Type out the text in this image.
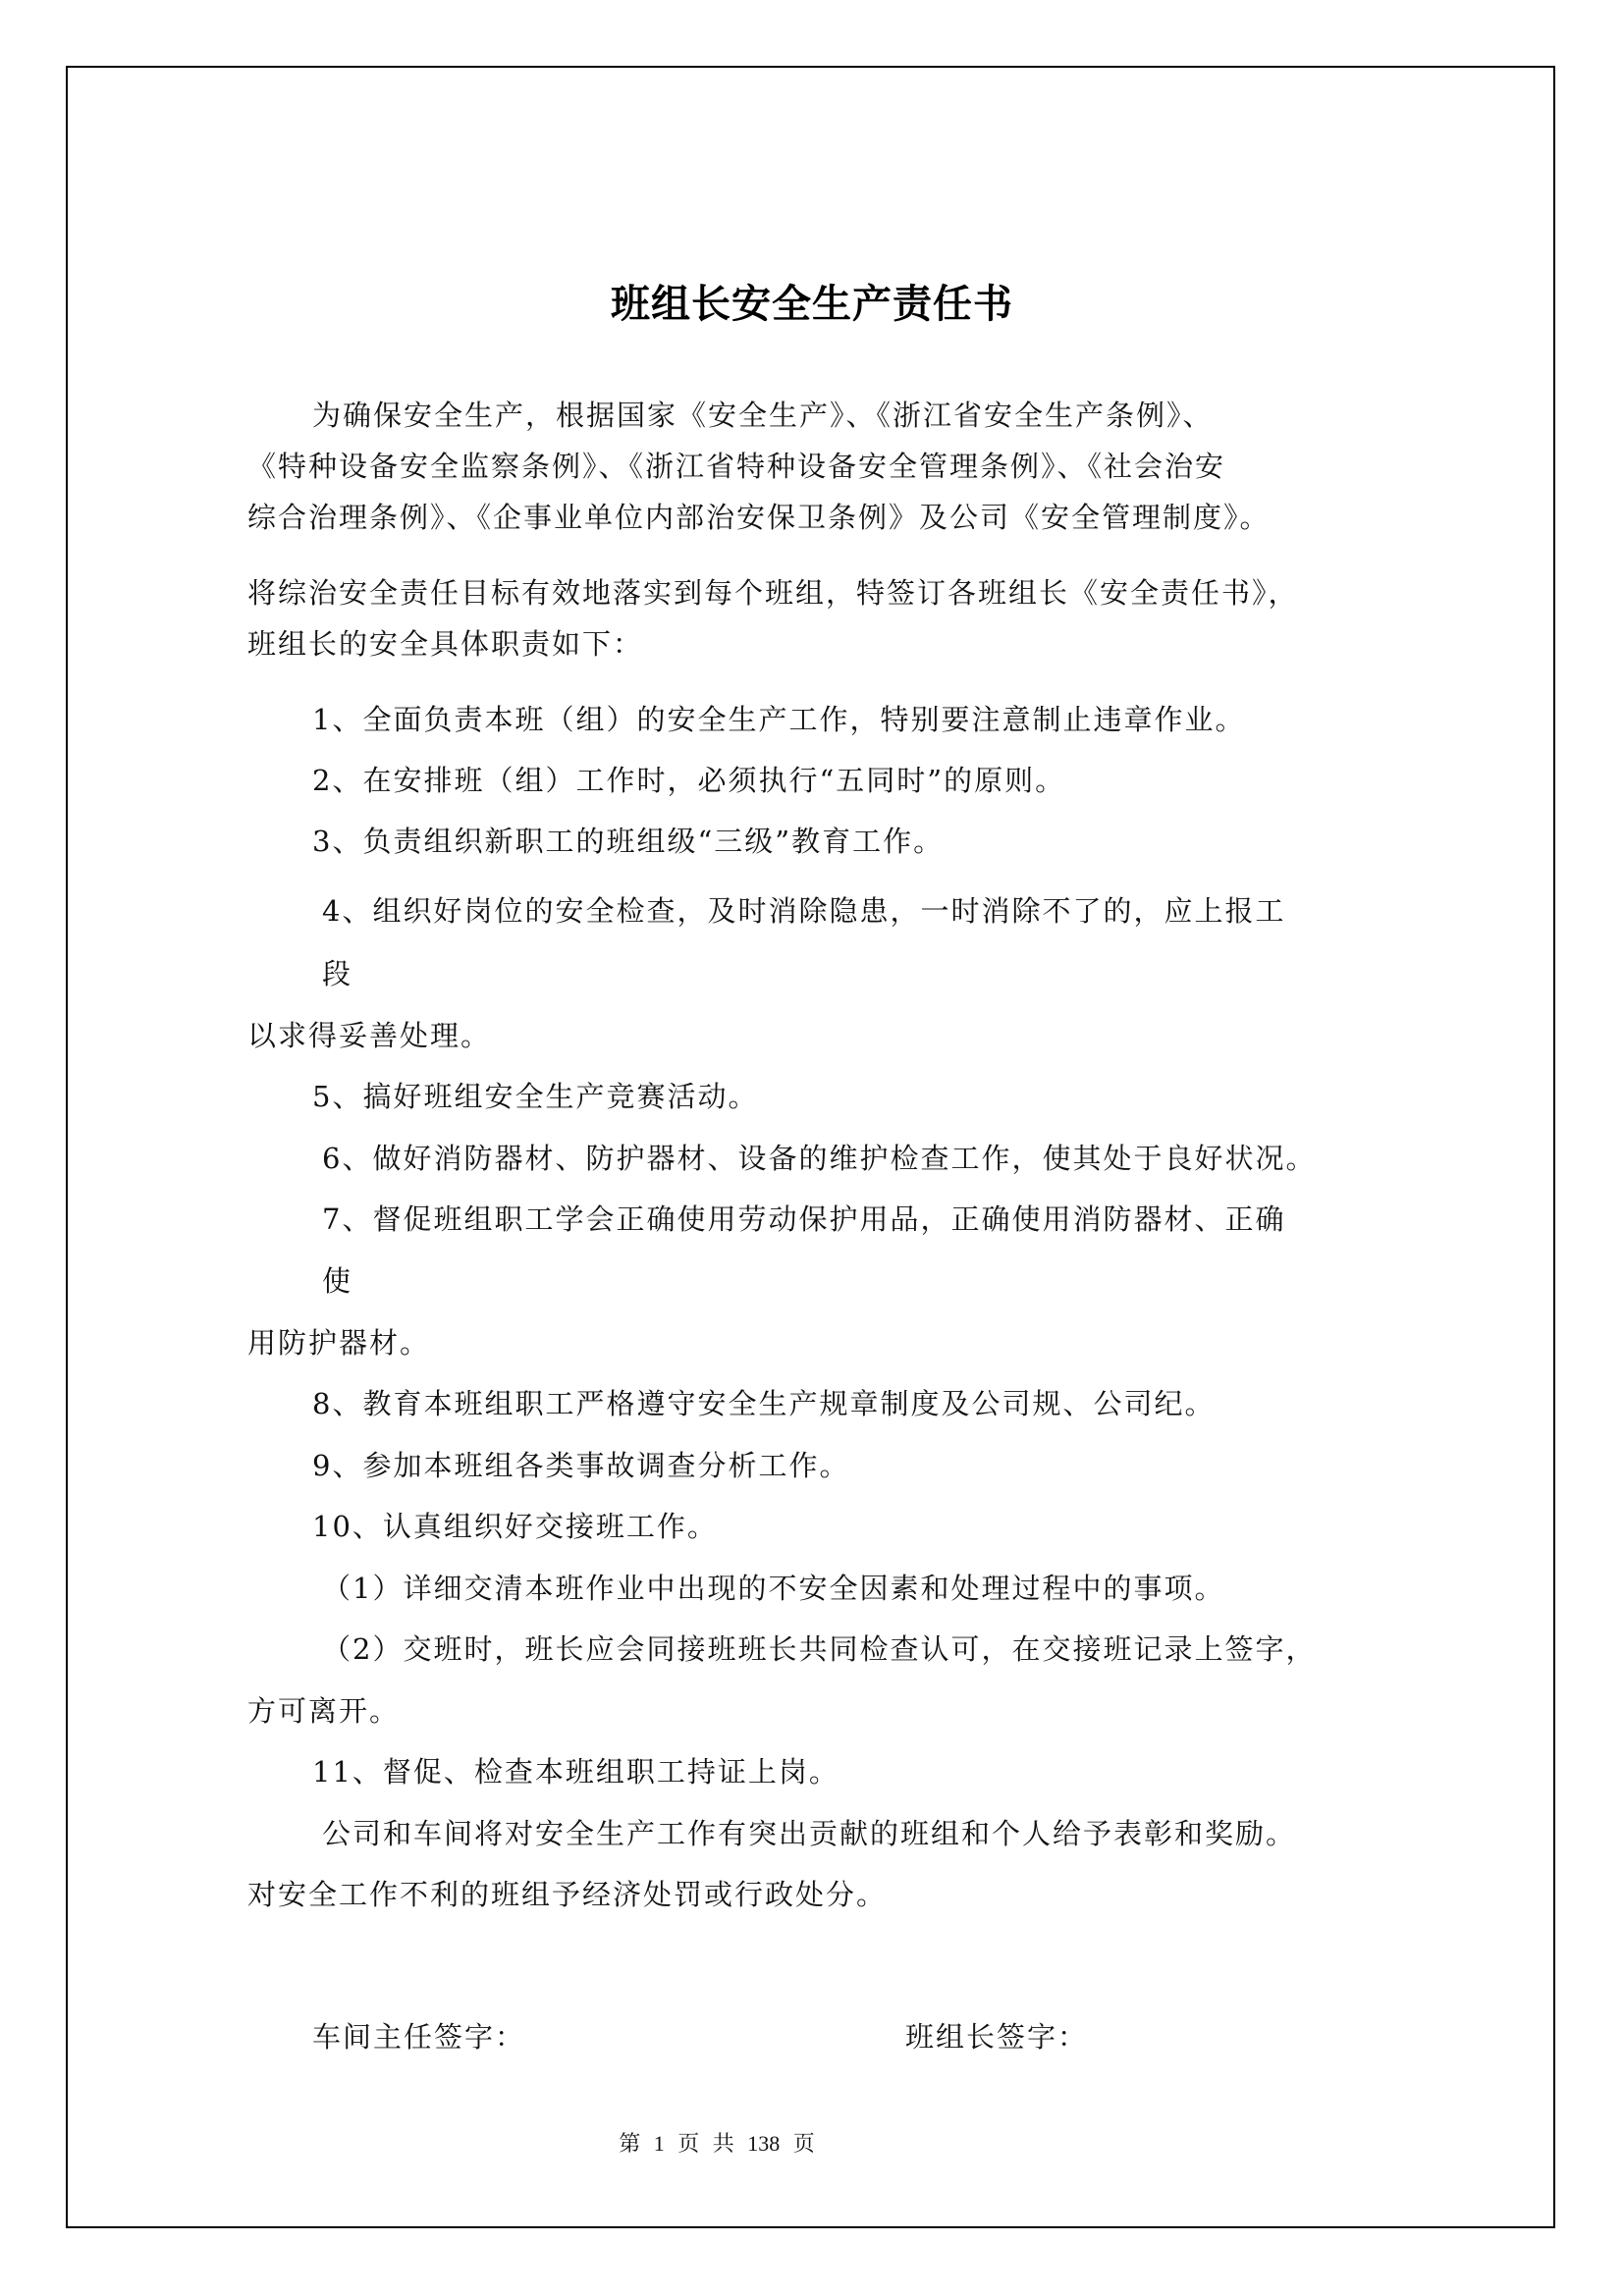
班组长安全生产责任书
为确保安全生产，根据国家《安全生产》、《浙江省安全生产条例》、
《特种设备安全监察条例》、《浙江省特种设备安全管理条例》、《社会治安
综合治理条例》、《企事业单位内部治安保卫条例》及公司《安全管理制度》。
将综治安全责任目标有效地落实到每个班组，特签订各班组长《安全责任书》，
班组长的安全具体职责如下：
1、全面负责本班（组）的安全生产工作，特别要注意制止违章作业。
2、在安排班（组）工作时，必须执行“五同时”的原则。
3、负责组织新职工的班组级“三级”教育工作。
4、组织好岗位的安全检查，及时消除隐患，一时消除不了的，应上报工
段
以求得妥善处理。
5、搞好班组安全生产竞赛活动。
6、做好消防器材、防护器材、设备的维护检查工作，使其处于良好状况。
7、督促班组职工学会正确使用劳动保护用品，正确使用消防器材、正确
使
用防护器材。
8、教育本班组职工严格遵守安全生产规章制度及公司规、公司纪。
9、参加本班组各类事故调查分析工作。
10、认真组织好交接班工作。
（1）详细交清本班作业中出现的不安全因素和处理过程中的事项。
（2）交班时，班长应会同接班班长共同检查认可，在交接班记录上签字，
方可离开。
11、督促、检查本班组职工持证上岗。
公司和车间将对安全生产工作有突出贡献的班组和个人给予表彰和奖励。
对安全工作不利的班组予经济处罚或行政处分。
车间主任签字：	班组长签字：
第 1 页 共 138 页
